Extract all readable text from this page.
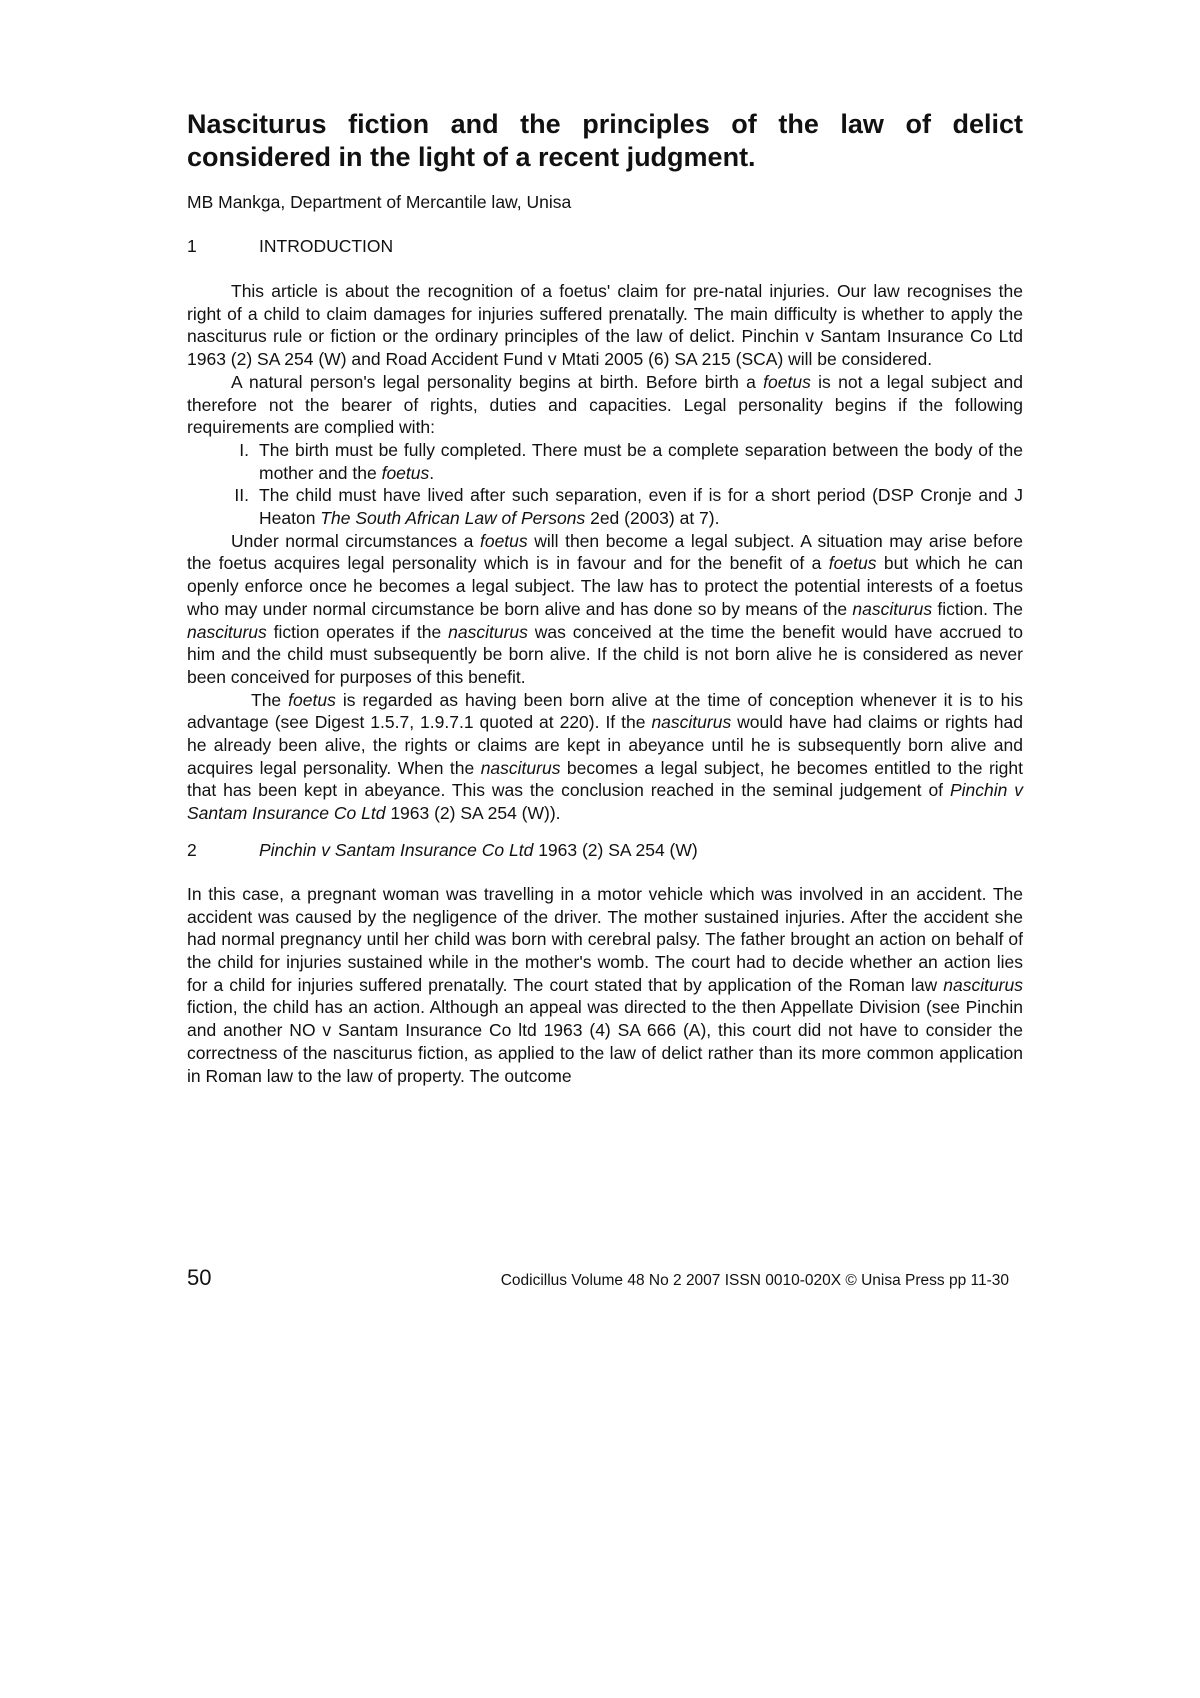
Nasciturus fiction and the principles of the law of delict considered in the light of a recent judgment.

MB Mankga, Department of Mercantile law, Unisa

1	INTRODUCTION

This article is about the recognition of a foetus' claim for pre-natal injuries. Our law recognises the right of a child to claim damages for injuries suffered prenatally. The main difficulty is whether to apply the nasciturus rule or fiction or the ordinary principles of the law of delict. Pinchin v Santam Insurance Co Ltd 1963 (2) SA 254 (W) and Road Accident Fund v Mtati 2005 (6) SA 215 (SCA) will be considered.

A natural person's legal personality begins at birth. Before birth a foetus is not a legal subject and therefore not the bearer of rights, duties and capacities. Legal personality begins if the following requirements are complied with:

I. The birth must be fully completed. There must be a complete separation between the body of the mother and the foetus.
II. The child must have lived after such separation, even if is for a short period (DSP Cronje and J Heaton The South African Law of Persons 2ed (2003) at 7).

Under normal circumstances a foetus will then become a legal subject. A situation may arise before the foetus acquires legal personality which is in favour and for the benefit of a foetus but which he can openly enforce once he becomes a legal subject. The law has to protect the potential interests of a foetus who may under normal circumstance be born alive and has done so by means of the nasciturus fiction. The nasciturus fiction operates if the nasciturus was conceived at the time the benefit would have accrued to him and the child must subsequently be born alive. If the child is not born alive he is considered as never been conceived for purposes of this benefit.

The foetus is regarded as having been born alive at the time of conception whenever it is to his advantage (see Digest 1.5.7, 1.9.7.1 quoted at 220). If the nasciturus would have had claims or rights had he already been alive, the rights or claims are kept in abeyance until he is subsequently born alive and acquires legal personality. When the nasciturus becomes a legal subject, he becomes entitled to the right that has been kept in abeyance. This was the conclusion reached in the seminal judgement of Pinchin v Santam Insurance Co Ltd 1963 (2) SA 254 (W)).

2	Pinchin v Santam Insurance Co Ltd 1963 (2) SA 254 (W)

In this case, a pregnant woman was travelling in a motor vehicle which was involved in an accident. The accident was caused by the negligence of the driver. The mother sustained injuries. After the accident she had normal pregnancy until her child was born with cerebral palsy. The father brought an action on behalf of the child for injuries sustained while in the mother's womb. The court had to decide whether an action lies for a child for injuries suffered prenatally. The court stated that by application of the Roman law nasciturus fiction, the child has an action. Although an appeal was directed to the then Appellate Division (see Pinchin and another NO v Santam Insurance Co ltd 1963 (4) SA 666 (A), this court did not have to consider the correctness of the nasciturus fiction, as applied to the law of delict rather than its more common application in Roman law to the law of property. The outcome

50	Codicillus Volume 48 No 2 2007 ISSN 0010-020X © Unisa Press pp 11-30
